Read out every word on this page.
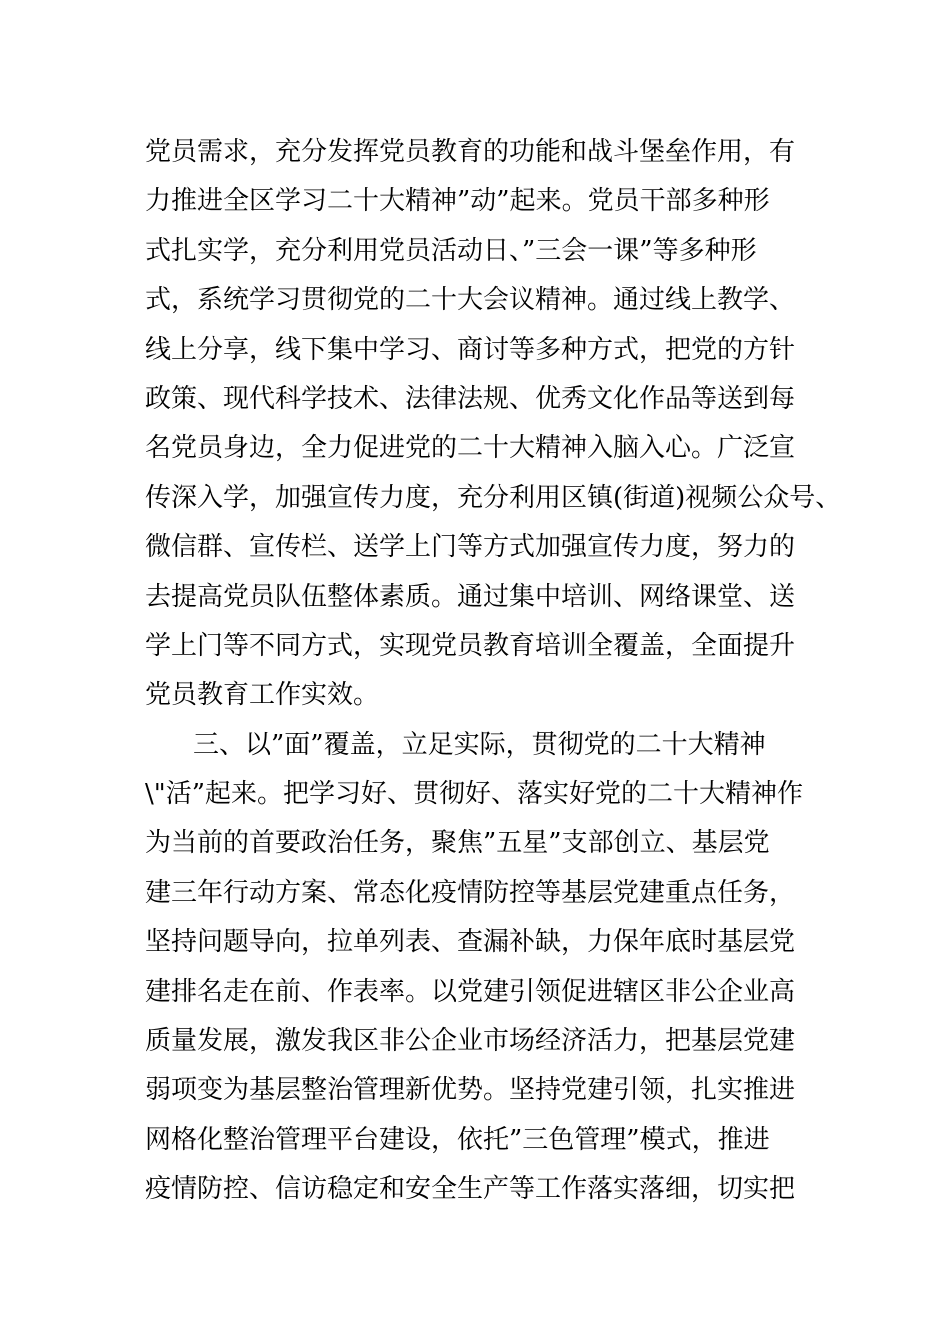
党员需求，充分发挥党员教育的功能和战斗堡垒作用，有
力推进全区学习二十大精神”动”起来。党员干部多种形
式扎实学，充分利用党员活动日、”三会一课”等多种形
式，系统学习贯彻党的二十大会议精神。通过线上教学、
线上分享，线下集中学习、商讨等多种方式，把党的方针
政策、现代科学技术、法律法规、优秀文化作品等送到每
名党员身边，全力促进党的二十大精神入脑入心。广泛宣
传深入学，加强宣传力度，充分利用区镇(街道)视频公众号、
微信群、宣传栏、送学上门等方式加强宣传力度，努力的
去提高党员队伍整体素质。通过集中培训、网络课堂、送
学上门等不同方式，实现党员教育培训全覆盖，全面提升
党员教育工作实效。
三、以”面”覆盖，立足实际，贯彻党的二十大精神
\"活”起来。把学习好、贯彻好、落实好党的二十大精神作
为当前的首要政治任务，聚焦”五星”支部创立、基层党
建三年行动方案、常态化疫情防控等基层党建重点任务，
坚持问题导向，拉单列表、查漏补缺，力保年底时基层党
建排名走在前、作表率。以党建引领促进辖区非公企业高
质量发展，激发我区非公企业市场经济活力，把基层党建
弱项变为基层整治管理新优势。坚持党建引领，扎实推进
网格化整治管理平台建设，依托”三色管理”模式，推进
疫情防控、信访稳定和安全生产等工作落实落细，切实把
